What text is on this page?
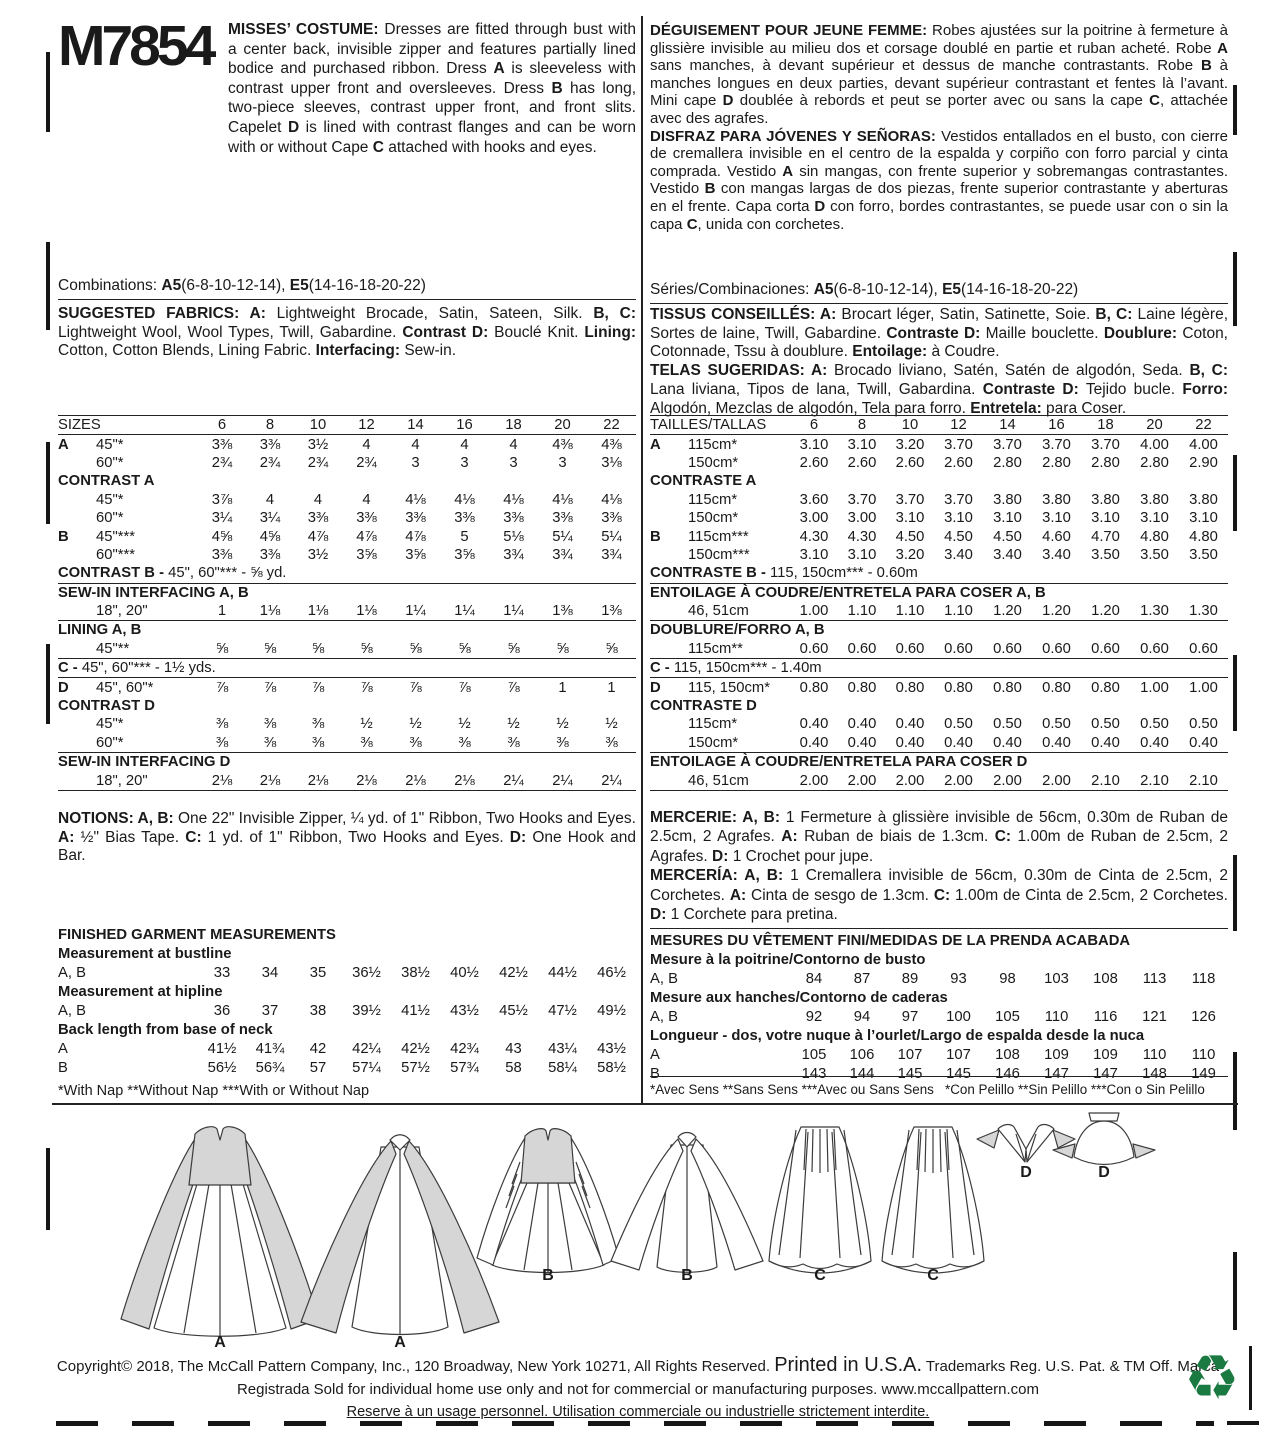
M7854 MISSES’ COSTUME: Dresses are fitted through bust with a center back, invisible zipper and features partially lined bodice and purchased ribbon. Dress A is sleeveless with contrast upper front and oversleeves. Dress B has long, two-piece sleeves, contrast upper front, and front slits. Capelet D is lined with contrast flanges and can be worn with or without Cape C attached with hooks and eyes.

Combinations: A5(6-8-10-12-14), E5(14-16-18-20-22)

SUGGESTED FABRICS: A: Lightweight Brocade, Satin, Sateen, Silk. B, C: Lightweight Wool, Wool Types, Twill, Gabardine. Contrast D: Bouclé Knit. Lining: Cotton, Cotton Blends, Lining Fabric. Interfacing: Sew-in.

SIZES	6	8	10	12	14	16	18	20	22
A 45"*	3⅜	3⅜	3½	4	4	4	4	4⅜	4⅜
60"*	2¾	2¾	2¾	2¾	3	3	3	3	3⅛
CONTRAST A									
45"*	3⅞	4	4	4	4⅛	4⅛	4⅛	4⅛	4⅛
60"*	3¼	3¼	3⅜	3⅜	3⅜	3⅜	3⅜	3⅜	3⅜
B 45"***	4⅝	4⅝	4⅞	4⅞	4⅞	5	5⅛	5¼	5¼
60"***	3⅜	3⅜	3½	3⅝	3⅝	3⅝	3¾	3¾	3¾
CONTRAST B - 45", 60"*** - ⅝ yd.									
SEW-IN INTERFACING A, B									
18", 20"	1	1⅛	1⅛	1⅛	1¼	1¼	1¼	1⅜	1⅜
LINING A, B									
45"**	⅝	⅝	⅝	⅝	⅝	⅝	⅝	⅝	⅝
C - 45", 60"*** - 1½ yds.									
D 45", 60"*	⅞	⅞	⅞	⅞	⅞	⅞	⅞	1	1
CONTRAST D									
45"*	⅜	⅜	⅜	½	½	½	½	½	½
60"*	⅜	⅜	⅜	⅜	⅜	⅜	⅜	⅜	⅜
SEW-IN INTERFACING D									
18", 20"	2⅛	2⅛	2⅛	2⅛	2⅛	2⅛	2¼	2¼	2¼

NOTIONS: A, B: One 22" Invisible Zipper, ¼ yd. of 1" Ribbon, Two Hooks and Eyes. A: ½" Bias Tape. C: 1 yd. of 1" Ribbon, Two Hooks and Eyes. D: One Hook and Bar.

FINISHED GARMENT MEASUREMENTS									
Measurement at bustline									
A, B	33	34	35	36½	38½	40½	42½	44½	46½
Measurement at hipline									
A, B	36	37	38	39½	41½	43½	45½	47½	49½
Back length from base of neck									
A	41½	41¾	42	42¼	42½	42¾	43	43¼	43½
B	56½	56¾	57	57¼	57½	57¾	58	58¼	58½

*With Nap **Without Nap ***With or Without Nap

DÉGUISEMENT POUR JEUNE FEMME: Robes ajustées sur la poitrine à fermeture à glissière invisible au milieu dos et corsage doublé en partie et ruban acheté. Robe A sans manches, à devant supérieur et dessus de manche contrastants. Robe B à manches longues en deux parties, devant supérieur contrastant et fentes là l’avant. Mini cape D doublée à rebords et peut se porter avec ou sans la cape C, attachée avec des agrafes.

DISFRAZ PARA JÓVENES Y SEÑORAS: Vestidos entallados en el busto, con cierre de cremallera invisible en el centro de la espalda y corpiño con forro parcial y cinta comprada. Vestido A sin mangas, con frente superior y sobremangas contrastantes. Vestido B con mangas largas de dos piezas, frente superior contrastante y aberturas en el frente. Capa corta D con forro, bordes contrastantes, se puede usar con o sin la capa C, unida con corchetes.

Séries/Combinaciones: A5(6-8-10-12-14), E5(14-16-18-20-22)

TISSUS CONSEILLÉS: A: Brocart léger, Satin, Satinette, Soie. B, C: Laine légère, Sortes de laine, Twill, Gabardine. Contraste D: Maille bouclette. Doublure: Coton, Cotonnade, Tssu à doublure. Entoilage: à Coudre.

TELAS SUGERIDAS: A: Brocado liviano, Satén, Satén de algodón, Seda. B, C: Lana liviana, Tipos de lana, Twill, Gabardina. Contraste D: Tejido bucle. Forro: Algodón, Mezclas de algodón, Tela para forro. Entretela: para Coser.

TAILLES/TALLAS	6	8	10	12	14	16	18	20	22
A 115cm*	3.10	3.10	3.20	3.70	3.70	3.70	3.70	4.00	4.00
150cm*	2.60	2.60	2.60	2.60	2.80	2.80	2.80	2.80	2.90
CONTRASTE A									
115cm*	3.60	3.70	3.70	3.70	3.80	3.80	3.80	3.80	3.80
150cm*	3.00	3.00	3.10	3.10	3.10	3.10	3.10	3.10	3.10
B 115cm***	4.30	4.30	4.50	4.50	4.50	4.60	4.70	4.80	4.80
150cm***	3.10	3.10	3.20	3.40	3.40	3.40	3.50	3.50	3.50
CONTRASTE B - 115, 150cm*** - 0.60m									
ENTOILAGE À COUDRE/ENTRETELA PARA COSER A, B									
46, 51cm	1.00	1.10	1.10	1.10	1.20	1.20	1.20	1.30	1.30
DOUBLURE/FORRO A, B									
115cm**	0.60	0.60	0.60	0.60	0.60	0.60	0.60	0.60	0.60
C - 115, 150cm*** - 1.40m									
D 115, 150cm*	0.80	0.80	0.80	0.80	0.80	0.80	0.80	1.00	1.00
CONTRASTE D									
115cm*	0.40	0.40	0.40	0.50	0.50	0.50	0.50	0.50	0.50
150cm*	0.40	0.40	0.40	0.40	0.40	0.40	0.40	0.40	0.40
ENTOILAGE À COUDRE/ENTRETELA PARA COSER D									
46, 51cm	2.00	2.00	2.00	2.00	2.00	2.00	2.10	2.10	2.10

MERCERIE: A, B: 1 Fermeture à glissière invisible de 56cm, 0.30m de Ruban de 2.5cm, 2 Agrafes. A: Ruban de biais de 1.3cm. C: 1.00m de Ruban de 2.5cm, 2 Agrafes. D: 1 Crochet pour jupe.

MERCERÍA: A, B: 1 Cremallera invisible de 56cm, 0.30m de Cinta de 2.5cm, 2 Corchetes. A: Cinta de sesgo de 1.3cm. C: 1.00m de Cinta de 2.5cm, 2 Corchetes. D: 1 Corchete para pretina.

MESURES DU VÊTEMENT FINI/MEDIDAS DE LA PRENDA ACABADA									
Mesure à la poitrine/Contorno de busto									
A, B	84	87	89	93	98	103	108	113	118
Mesure aux hanches/Contorno de caderas									
A, B	92	94	97	100	105	110	116	121	126
Longueur - dos, votre nuque à l’ourlet/Largo de espalda desde la nuca									
A	105	106	107	107	108	109	109	110	110
B	143	144	145	145	146	147	147	148	149

*Avec Sens **Sans Sens ***Avec ou Sans Sens   *Con Pelillo **Sin Pelillo ***Con o Sin Pelillo

A	A
B	B	C	C
D	D
Copyright© 2018, The McCall Pattern Company, Inc., 120 Broadway, New York 10271, All Rights Reserved. Printed in U.S.A. Trademarks Reg. U.S. Pat. & TM Off. Marca
Registrada Sold for individual home use only and not for commercial or manufacturing purposes. www.mccallpattern.com
Reserve à un usage personnel. Utilisation commerciale ou industrielle strictement interdite.	♻
